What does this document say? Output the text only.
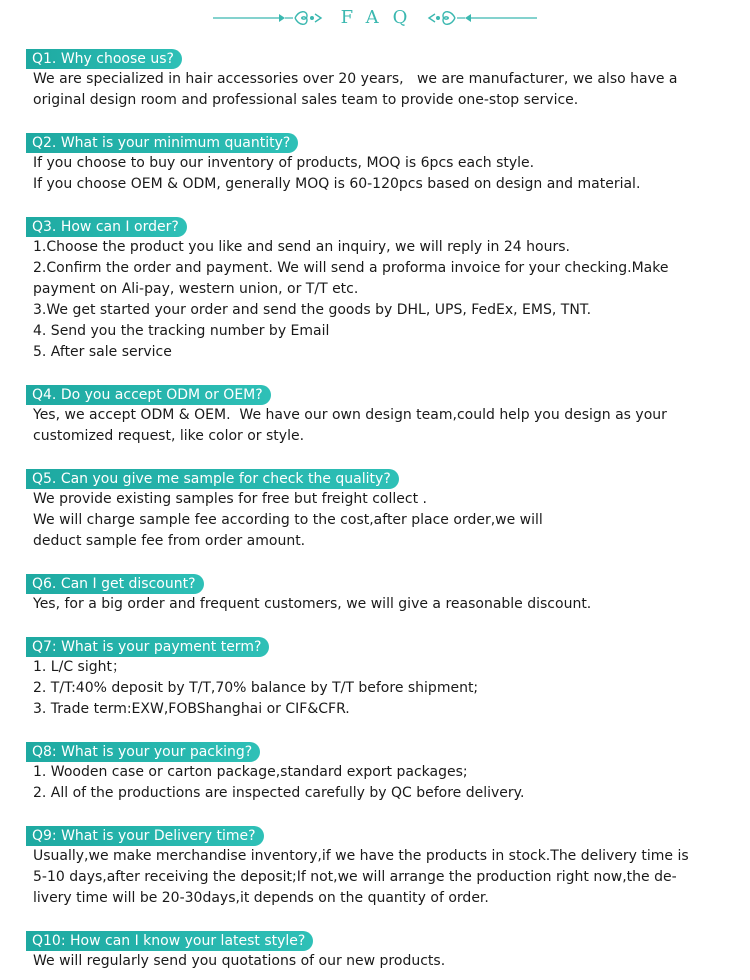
FAQ
Q1. Why choose us?

We are specialized in hair accessories over 20 years,   we are manufacturer, we also have a
original design room and professional sales team to provide one-stop service.

Q2. What is your minimum quantity?

If you choose to buy our inventory of products, MOQ is 6pcs each style.
If you choose OEM & ODM, generally MOQ is 60-120pcs based on design and material.

Q3. How can I order?

1.Choose the product you like and send an inquiry, we will reply in 24 hours.
2.Confirm the order and payment. We will send a proforma invoice for your checking.Make
payment on Ali-pay, western union, or T/T etc.
3.We get started your order and send the goods by DHL, UPS, FedEx, EMS, TNT.
4. Send you the tracking number by Email
5. After sale service

Q4. Do you accept ODM or OEM?

Yes, we accept ODM & OEM.  We have our own design team,could help you design as your
customized request, like color or style.

Q5. Can you give me sample for check the quality?

We provide existing samples for free but freight collect .
We will charge sample fee according to the cost,after place order,we will
deduct sample fee from order amount.

Q6. Can I get discount?

Yes, for a big order and frequent customers, we will give a reasonable discount.

Q7: What is your payment term?

1. L/C sight；
2. T/T:40% deposit by T/T,70% balance by T/T before shipment;
3. Trade term:EXW,FOBShanghai or CIF&CFR.

Q8: What is your your packing?

1. Wooden case or carton package,standard export packages;
2. All of the productions are inspected carefully by QC before delivery.

Q9: What is your Delivery time?

Usually,we make merchandise inventory,if we have the products in stock.The delivery time is
5-10 days,after receiving the deposit;If not,we will arrange the production right now,the de-
livery time will be 20-30days,it depends on the quantity of order.

Q10: How can I know your latest style?

We will regularly send you quotations of our new products.
